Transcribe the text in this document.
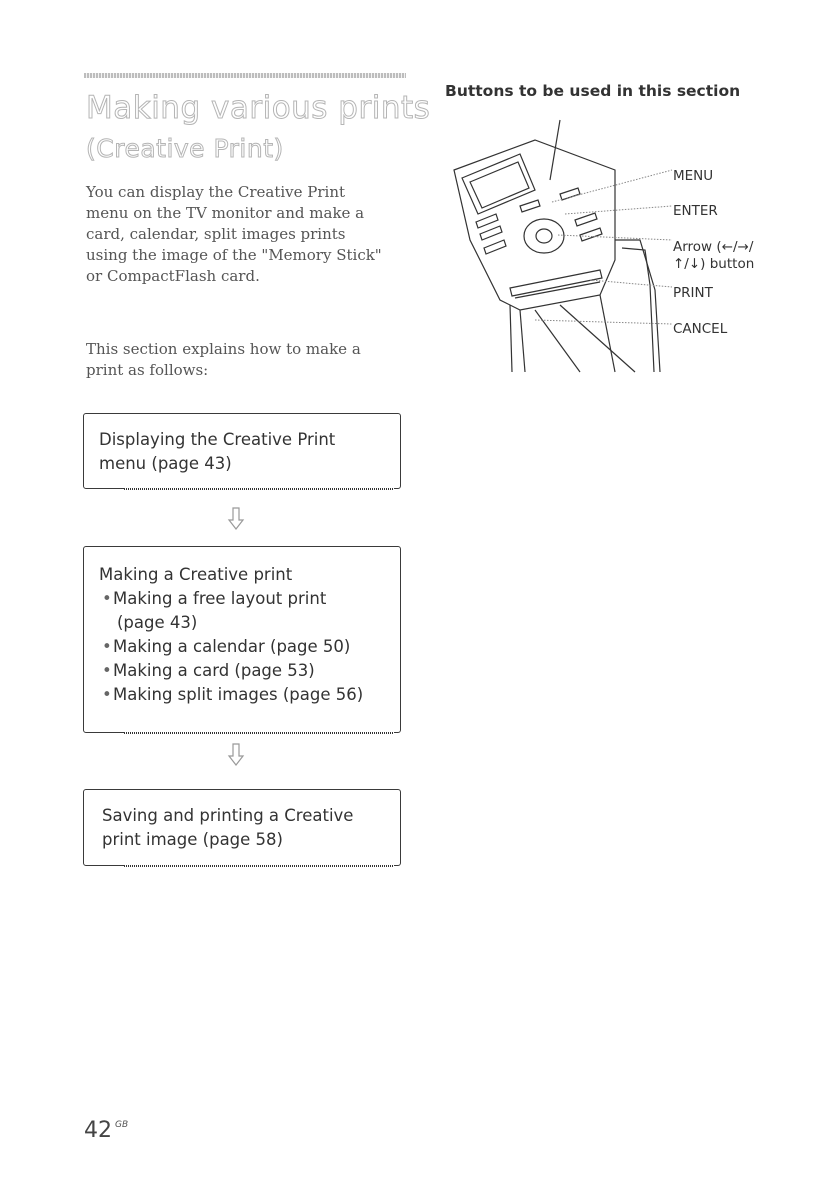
Making various prints
(Creative Print)

You can display the Creative Print menu on the TV monitor and make a card, calendar, split images prints using the image of the "Memory Stick" or CompactFlash card.

This section explains how to make a print as follows:

Displaying the Creative Print menu (page 43)
Making a Creative print
• Making a free layout print
(page 43)
• Making a calendar (page 50)
• Making a card (page 53)
• Making split images (page 56)
Saving and printing a Creative print image (page 58)
Buttons to be used in this section
MENU
ENTER
Arrow (←/→/
↑/↓) button
PRINT
CANCEL
42 $^{GB}$
